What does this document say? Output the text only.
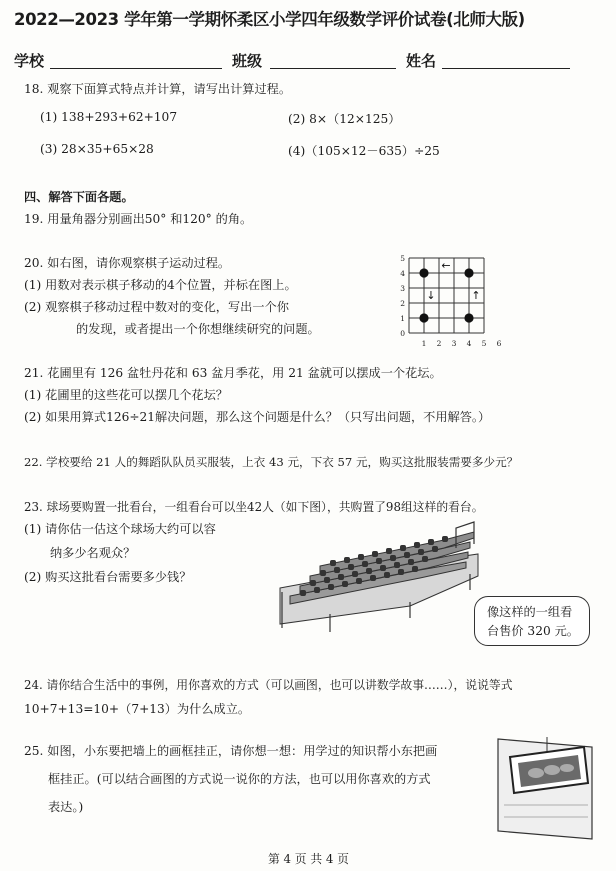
2022—2023 学年第一学期怀柔区小学四年级数学评价试卷(北师大版)
学校	班级	姓名
18. 观察下面算式特点并计算，请写出计算过程。
(1) 138+293+62+107	(2) 8×（12×125）
(3) 28×35+65×28	(4)（105×12－635）÷25
四、解答下面各题。
19. 用量角器分别画出50° 和120° 的角。
20. 如右图，请你观察棋子运动过程。
(1) 用数对表示棋子移动的4个位置，并标在图上。
(2) 观察棋子移动过程中数对的变化，写出一个你
的发现，或者提出一个你想继续研究的问题。
5
4
3
2
1
0
1 2 3 4 5 6
←
↓	↑
21. 花圃里有 126 盆牡丹花和 63 盆月季花，用 21 盆就可以摆成一个花坛。
(1) 花圃里的这些花可以摆几个花坛？
(2) 如果用算式126÷21解决问题，那么这个问题是什么？（只写出问题，不用解答。）
22. 学校要给 21 人的舞蹈队队员买服装，上衣 43 元，下衣 57 元，购买这批服装需要多少元？
23. 球场要购置一批看台，一组看台可以坐42人（如下图），共购置了98组这样的看台。
(1) 请你估一估这个球场大约可以容
纳多少名观众？
(2) 购买这批看台需要多少钱？
像这样的一组看
台售价 320 元。
24. 请你结合生活中的事例，用你喜欢的方式（可以画图，也可以讲数学故事……），说说等式
10+7+13=10+（7+13）为什么成立。
25. 如图，小东要把墙上的画框挂正，请你想一想：用学过的知识帮小东把画
框挂正。(可以结合画图的方式说一说你的方法，也可以用你喜欢的方式
表达。)
第 4 页 共 4 页
